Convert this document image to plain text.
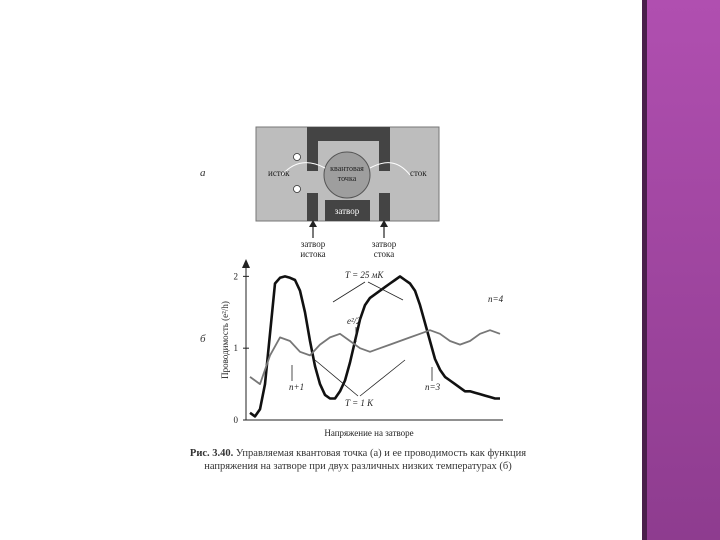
а	исток	сток
квантовая
точка
затвор
затвор
истока
затвор
стока
б Проводимость (e²/h)
Напряжение на затворе
0
1
2	T = 25 мК
T = 1 К
n=4
n=3
n+1
e²/2
Рис. 3.40. Управляемая квантовая точка (а) и ее проводимость как функция напряжения на затворе при двух различных низких температурах (б)
